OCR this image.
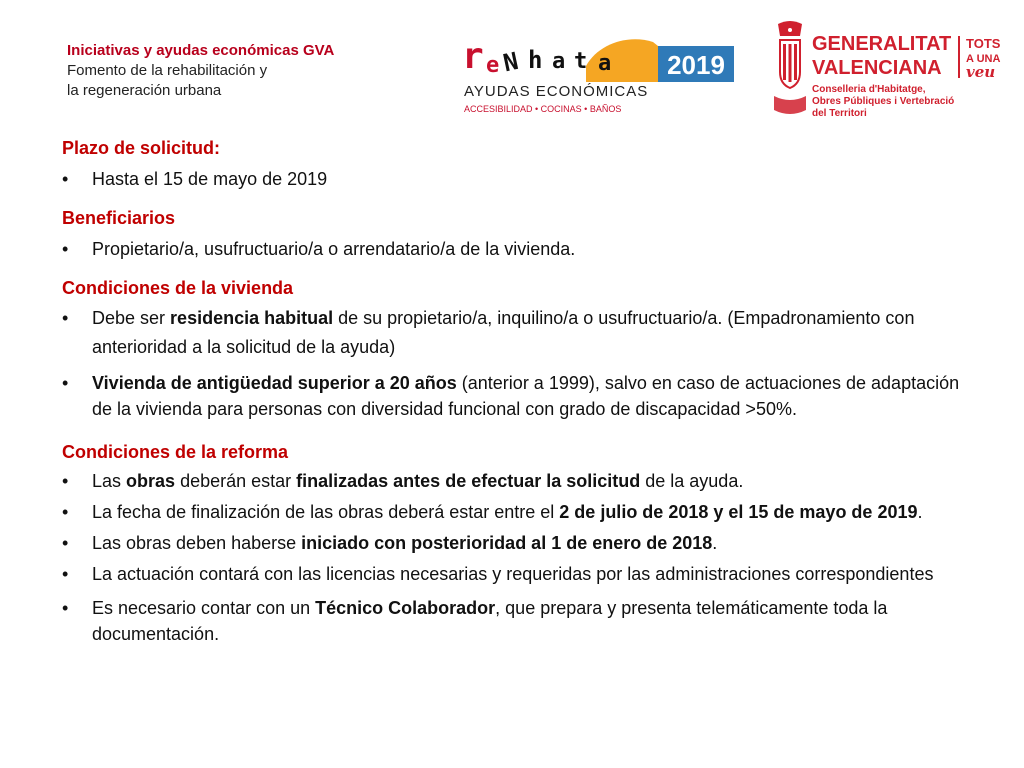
Iniciativas y ayudas económicas GVA
Fomento de la rehabilitación y
la regeneración urbana
2019
r e N h a t a
AYUDAS ECONÓMICAS
ACCESIBILIDAD • COCINAS • BAÑOS
GENERALITAT
VALENCIANA
TOTS
A UNA
veu
Conselleria d'Habitatge,
Obres Públiques i Vertebració
del Territori
Plazo de solicitud:
• Hasta el 15 de mayo de 2019
Beneficiarios
• Propietario/a, usufructuario/a o arrendatario/a de la vivienda.
Condiciones de la vivienda
• Debe ser residencia habitual de su propietario/a, inquilino/a o usufructuario/a. (Empadronamiento con anterioridad a la solicitud de la ayuda)
• Vivienda de antigüedad superior a 20 años (anterior a 1999), salvo en caso de actuaciones de adaptación de la vivienda para personas con diversidad funcional con grado de discapacidad >50%.
Condiciones de la reforma
• Las obras deberán estar finalizadas antes de efectuar la solicitud de la ayuda.
• La fecha de finalización de las obras deberá estar entre el 2 de julio de 2018 y el 15 de mayo de 2019.
• Las obras deben haberse iniciado con posterioridad al 1 de enero de 2018.
• La actuación contará con las licencias necesarias y requeridas por las administraciones correspondientes
• Es necesario contar con un Técnico Colaborador, que prepara y presenta telemáticamente toda la documentación.
